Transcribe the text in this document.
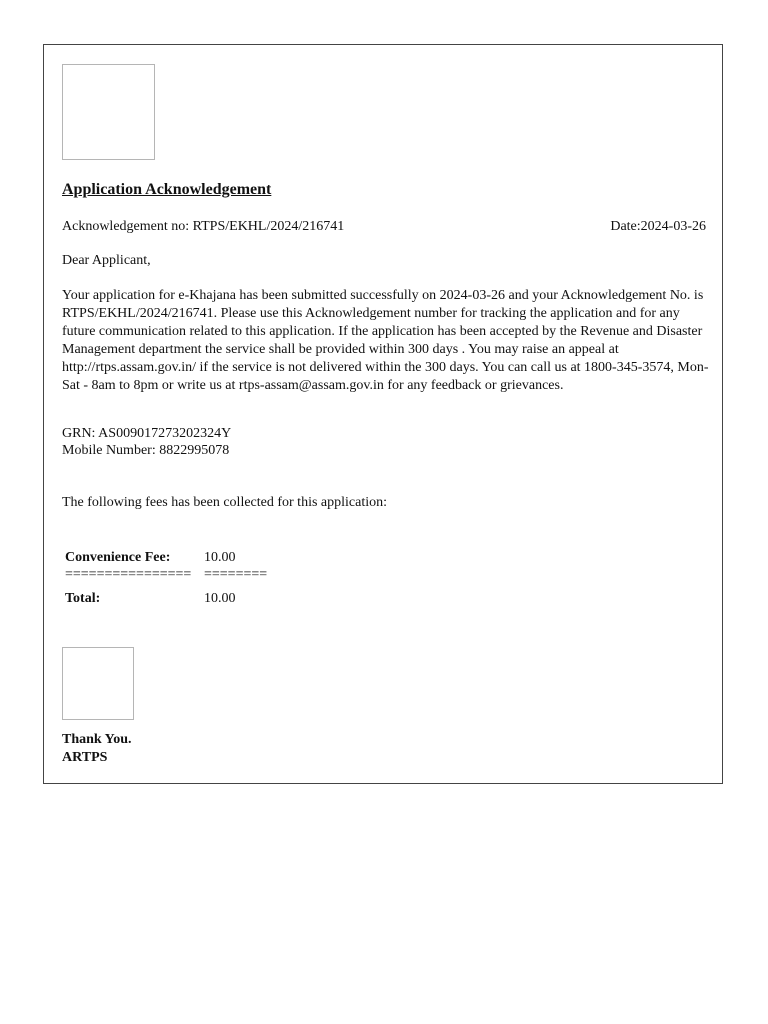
Application Acknowledgement
Acknowledgement no: RTPS/EKHL/2024/216741	Date:2024-03-26
Dear Applicant,

Your application for e-Khajana has been submitted successfully on 2024-03-26 and your Acknowledgement No. is RTPS/EKHL/2024/216741. Please use this Acknowledgement number for tracking the application and for any future communication related to this application. If the application has been accepted by the Revenue and Disaster Management department the service shall be provided within 300 days . You may raise an appeal at http://rtps.assam.gov.in/ if the service is not delivered within the 300 days. You can call us at 1800-345-3574, Mon-Sat - 8am to 8pm or write us at rtps-assam@assam.gov.in for any feedback or grievances.

GRN: AS009017273202324Y
Mobile Number: 8822995078
The following fees has been collected for this application:
Convenience Fee:	10.00
================ ========
Total:	10.00
Thank You.
ARTPS
